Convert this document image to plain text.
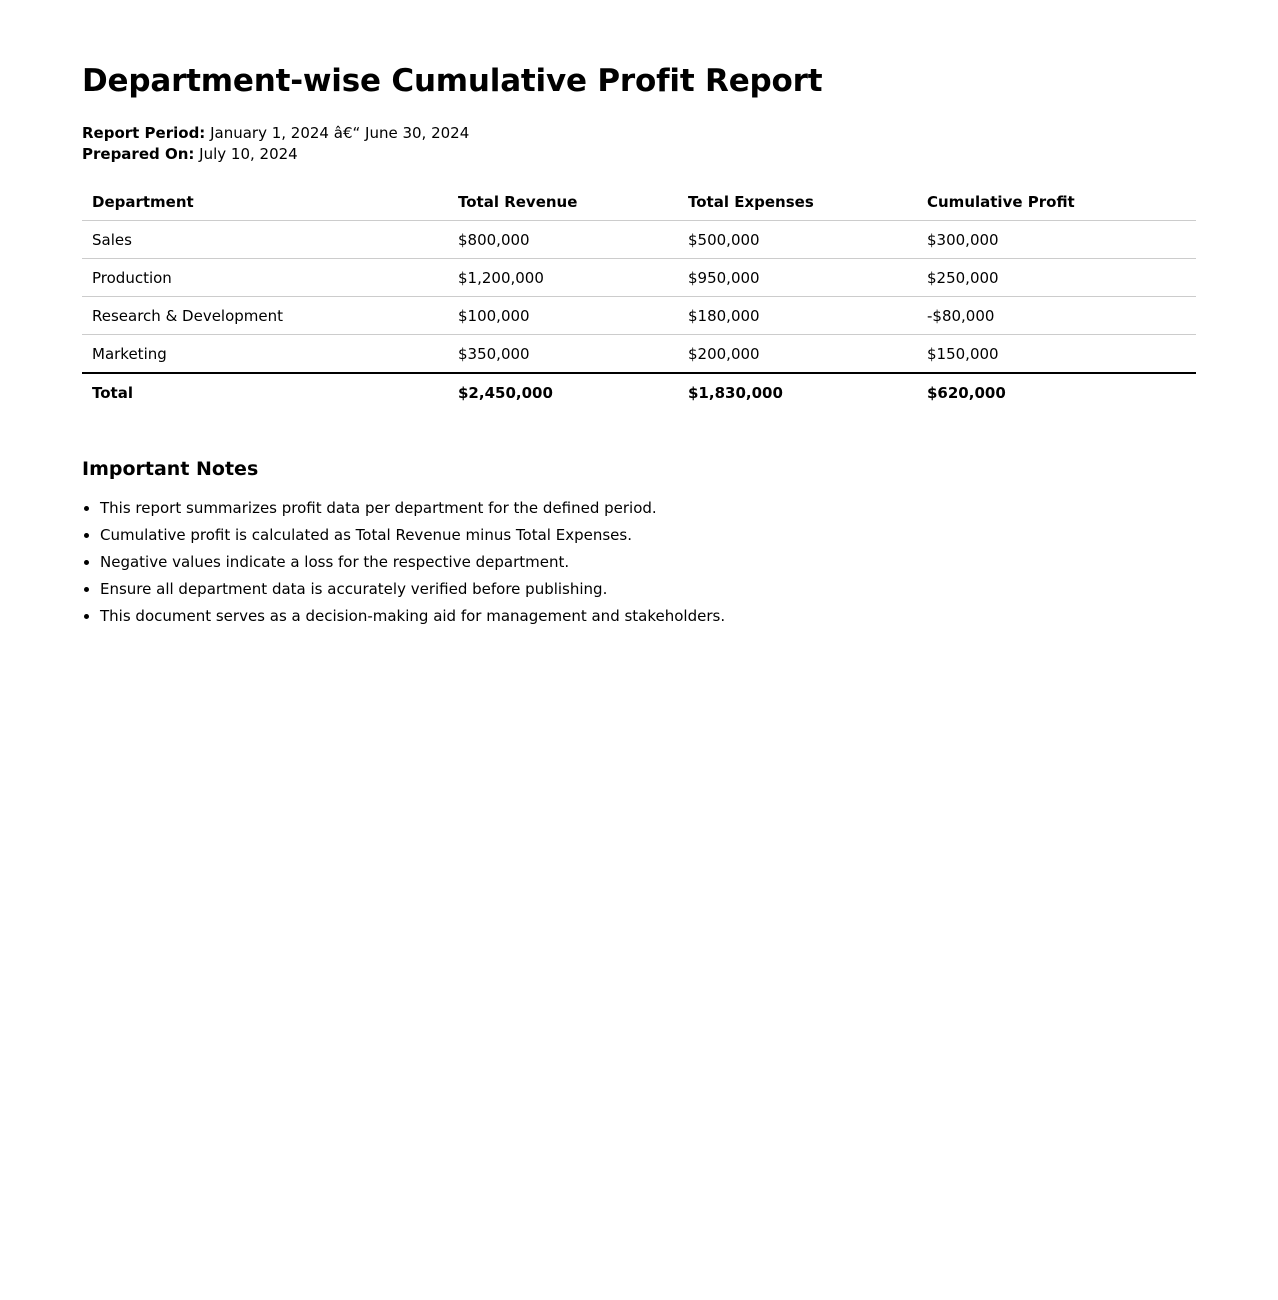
Department-wise Cumulative Profit Report
Report Period: January 1, 2024 â€“ June 30, 2024
Prepared On: July 10, 2024
Department	Total Revenue	Total Expenses	Cumulative Profit
Sales	$800,000	$500,000	$300,000
Production	$1,200,000	$950,000	$250,000
Research & Development	$100,000	$180,000	-$80,000
Marketing	$350,000	$200,000	$150,000
Total	$2,450,000	$1,830,000	$620,000
Important Notes
• This report summarizes profit data per department for the defined period.
• Cumulative profit is calculated as Total Revenue minus Total Expenses.
• Negative values indicate a loss for the respective department.
• Ensure all department data is accurately verified before publishing.
• This document serves as a decision-making aid for management and stakeholders.
